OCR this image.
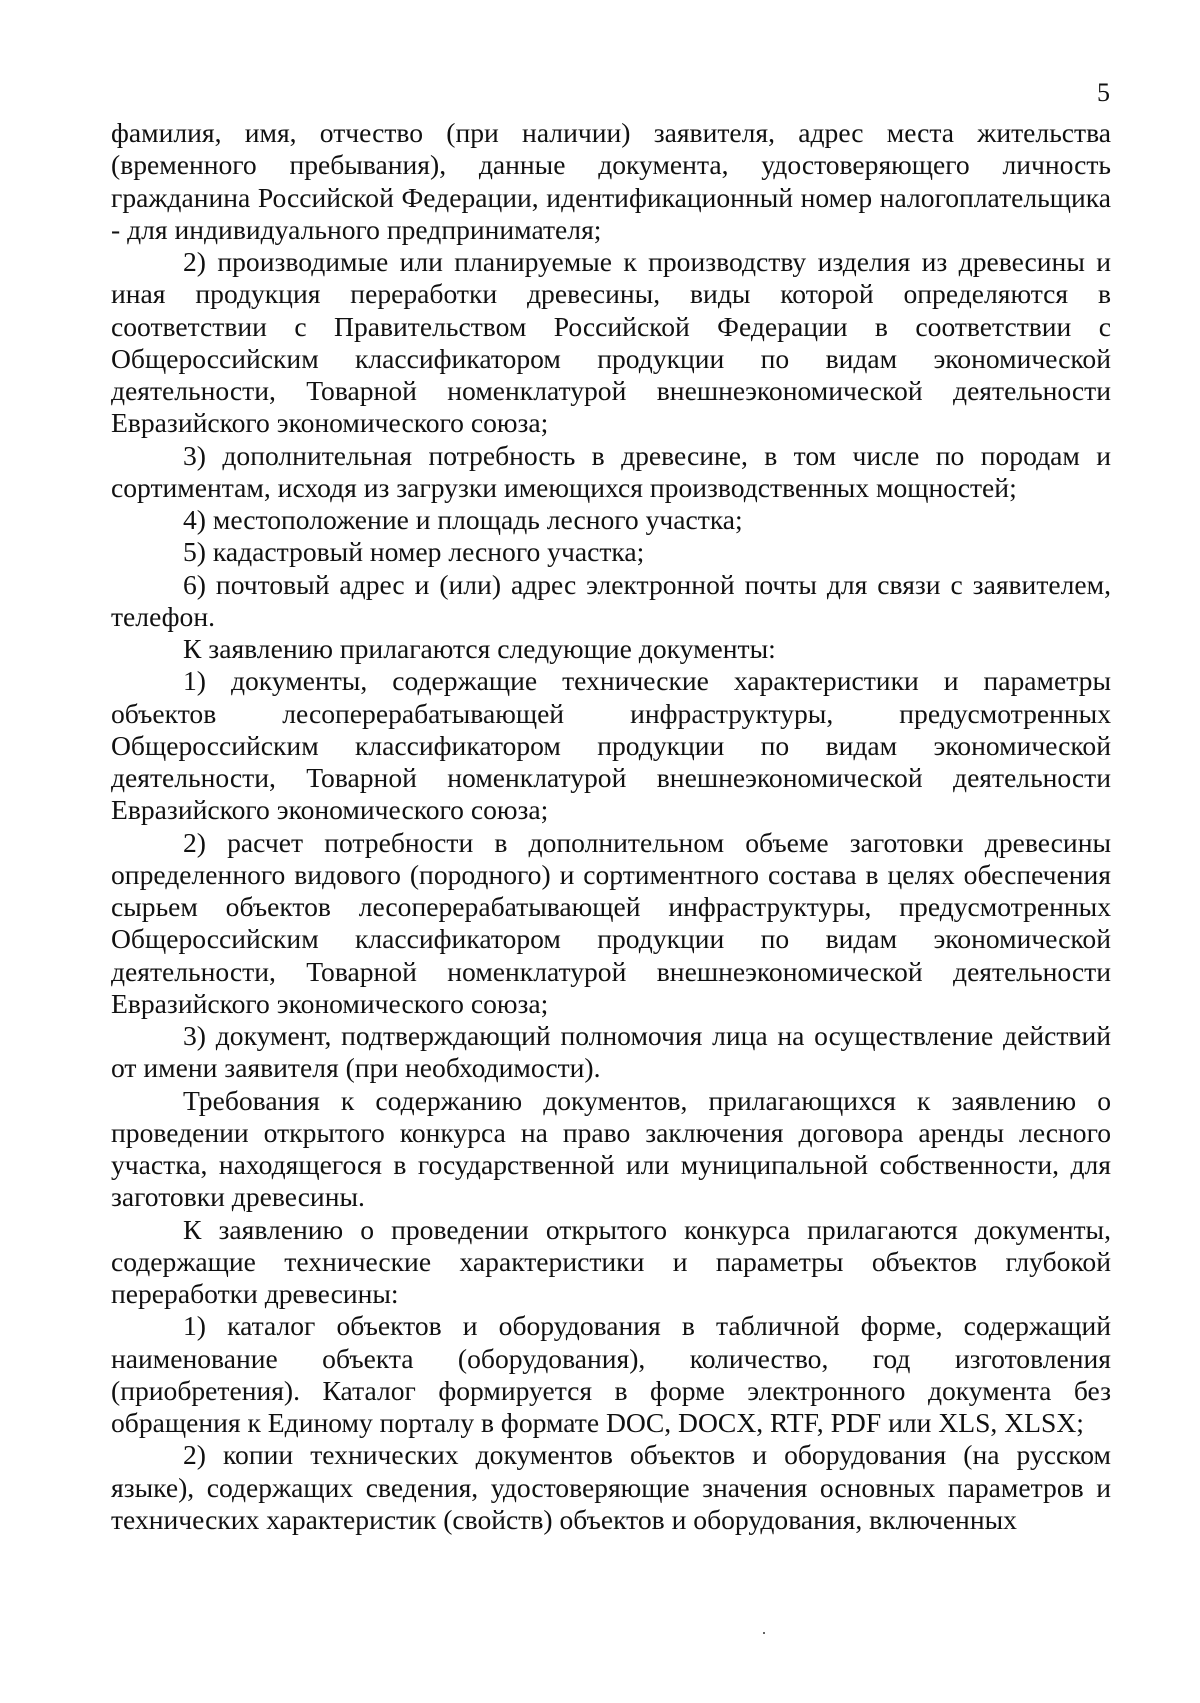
5

фамилия, имя, отчество (при наличии) заявителя, адрес места жительства (временного пребывания), данные документа, удостоверяющего личность гражданина Российской Федерации, идентификационный номер налогоплательщика - для индивидуального предпринимателя;

2) производимые или планируемые к производству изделия из древесины и иная продукция переработки древесины, виды которой определяются в соответствии с Правительством Российской Федерации в соответствии с Общероссийским классификатором продукции по видам экономической деятельности, Товарной номенклатурой внешнеэкономической деятельности Евразийского экономического союза;

3) дополнительная потребность в древесине, в том числе по породам и сортиментам, исходя из загрузки имеющихся производственных мощностей;

4) местоположение и площадь лесного участка;

5) кадастровый номер лесного участка;

6) почтовый адрес и (или) адрес электронной почты для связи с заявителем, телефон.

К заявлению прилагаются следующие документы:

1) документы, содержащие технические характеристики и параметры объектов лесоперерабатывающей инфраструктуры, предусмотренных Общероссийским классификатором продукции по видам экономической деятельности, Товарной номенклатурой внешнеэкономической деятельности Евразийского экономического союза;

2) расчет потребности в дополнительном объеме заготовки древесины определенного видового (породного) и сортиментного состава в целях обеспечения сырьем объектов лесоперерабатывающей инфраструктуры, предусмотренных Общероссийским классификатором продукции по видам экономической деятельности, Товарной номенклатурой внешнеэкономической деятельности Евразийского экономического союза;

3) документ, подтверждающий полномочия лица на осуществление действий от имени заявителя (при необходимости).

Требования к содержанию документов, прилагающихся к заявлению о проведении открытого конкурса на право заключения договора аренды лесного участка, находящегося в государственной или муниципальной собственности, для заготовки древесины.

К заявлению о проведении открытого конкурса прилагаются документы, содержащие технические характеристики и параметры объектов глубокой переработки древесины:

1) каталог объектов и оборудования в табличной форме, содержащий наименование объекта (оборудования), количество, год изготовления (приобретения). Каталог формируется в форме электронного документа без обращения к Единому порталу в формате DOC, DOCX, RTF, PDF или XLS, XLSX;

2) копии технических документов объектов и оборудования (на русском языке), содержащих сведения, удостоверяющие значения основных параметров и технических характеристик (свойств) объектов и оборудования, включенных
